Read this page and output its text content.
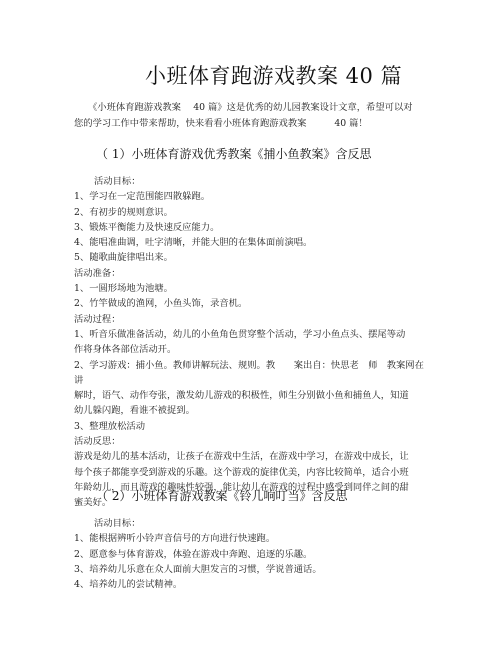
小班体育跑游戏教案 40 篇
《小班体育跑游戏教案　 40 篇》这是优秀的幼儿园教案设计文章，希望可以对
您的学习工作中带来帮助，快来看看小班体育跑游戏教案　　　40 篇！
（ 1）小班体育游戏优秀教案《捕小鱼教案》含反思
活动目标：
1、学习在一定范围能四散躲跑。
2、有初步的规则意识。
3、锻炼平衡能力及快速反应能力。
4、能唱准曲调，吐字清晰，并能大胆的在集体面前演唱。
5、随歌曲旋律唱出来。
活动准备：
1、一圆形场地为池塘。
2、竹竿做成的渔网，小鱼头饰，录音机。
活动过程：
1、听音乐做准备活动，幼儿的小鱼角色贯穿整个活动，学习小鱼点头、摆尾等动
作将身体各部位活动开。
2、学习游戏：捕小鱼。教师讲解玩法、规则。教　　案出自：快思老　师　教案网在
讲
解时，语气、动作夸张，激发幼儿游戏的积极性，师生分别做小鱼和捕鱼人，知道
幼儿躲闪跑，看谁不被捉到。
3、整理放松活动
活动反思：
游戏是幼儿的基本活动，让孩子在游戏中生活，在游戏中学习，在游戏中成长，让
每个孩子都能享受到游戏的乐趣。这个游戏的旋律优美，内容比较简单，适合小班
年龄幼儿，而且游戏的趣味性较强，能让幼儿在游戏的过程中感受到同伴之间的甜
蜜美好。
（ 2）小班体育游戏教案《铃儿响叮当》含反思
活动目标：
1、能根据辨听小铃声音信号的方向进行快速跑。
2、愿意参与体育游戏，体验在游戏中奔跑、追逐的乐趣。
3、培养幼儿乐意在众人面前大胆发言的习惯，学说普通话。
4、培养幼儿的尝试精神。
